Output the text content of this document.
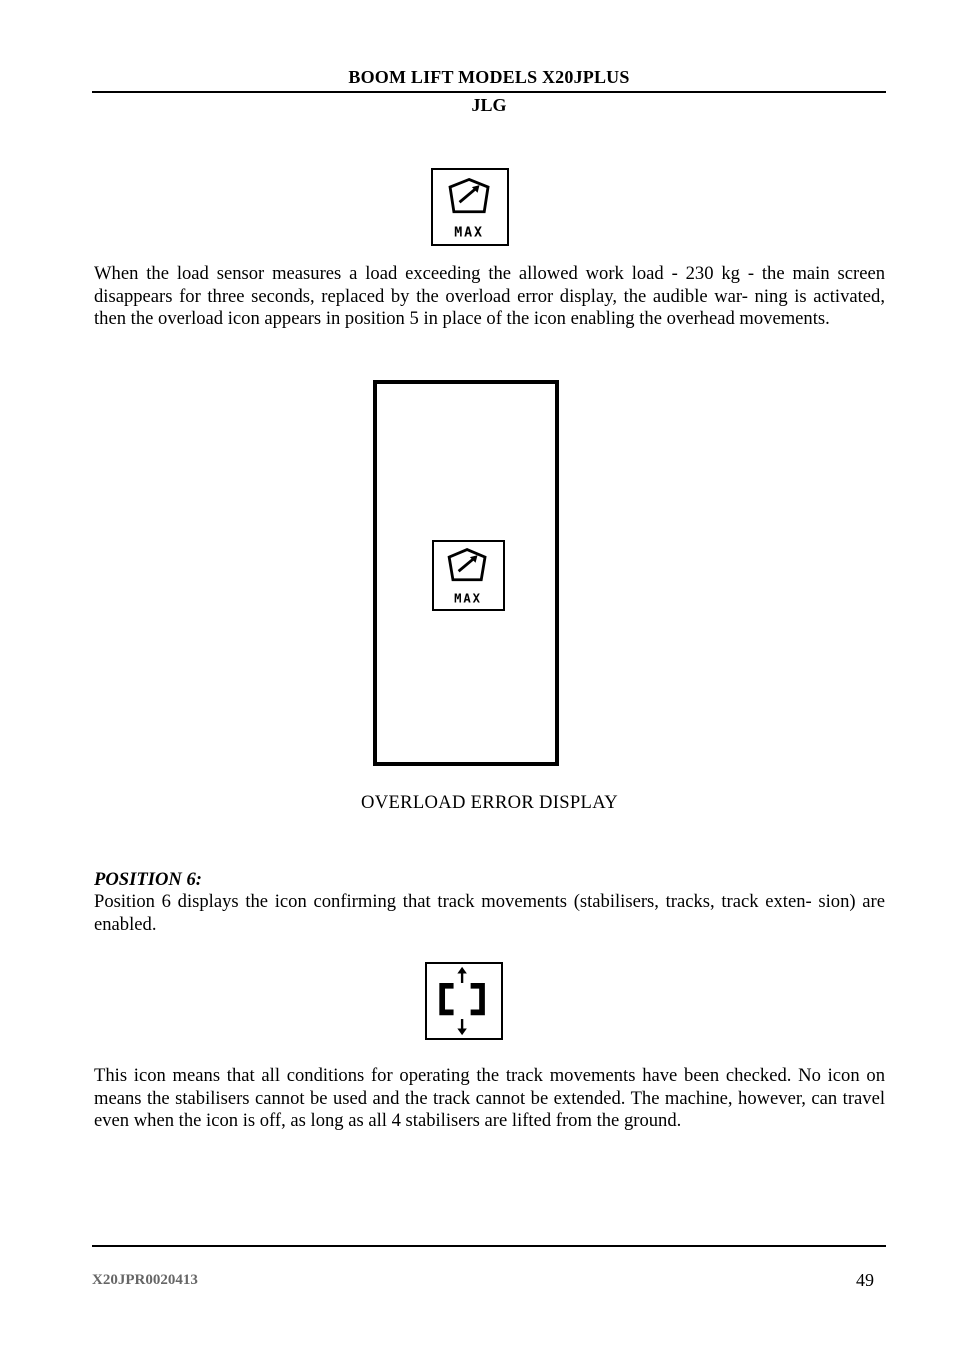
BOOM LIFT MODELS X20JPLUS
JLG
MAX

When the load sensor measures a load exceeding the allowed work load - 230 kg - the main screen disappears for three seconds, replaced by the overload error display, the audible war- ning is activated, then the overload icon appears in position 5 in place of the icon enabling the overhead movements.

MAX
OVERLOAD ERROR DISPLAY
POSITION 6:

Position 6 displays the icon confirming that track movements (stabilisers, tracks, track exten- sion) are enabled.

This icon means that all conditions for operating the track movements have been checked. No icon on means the stabilisers cannot be used and the track cannot be extended. The machine, however, can travel even when the icon is off, as long as all 4 stabilisers are lifted from the ground.

X20JPR0020413	49
